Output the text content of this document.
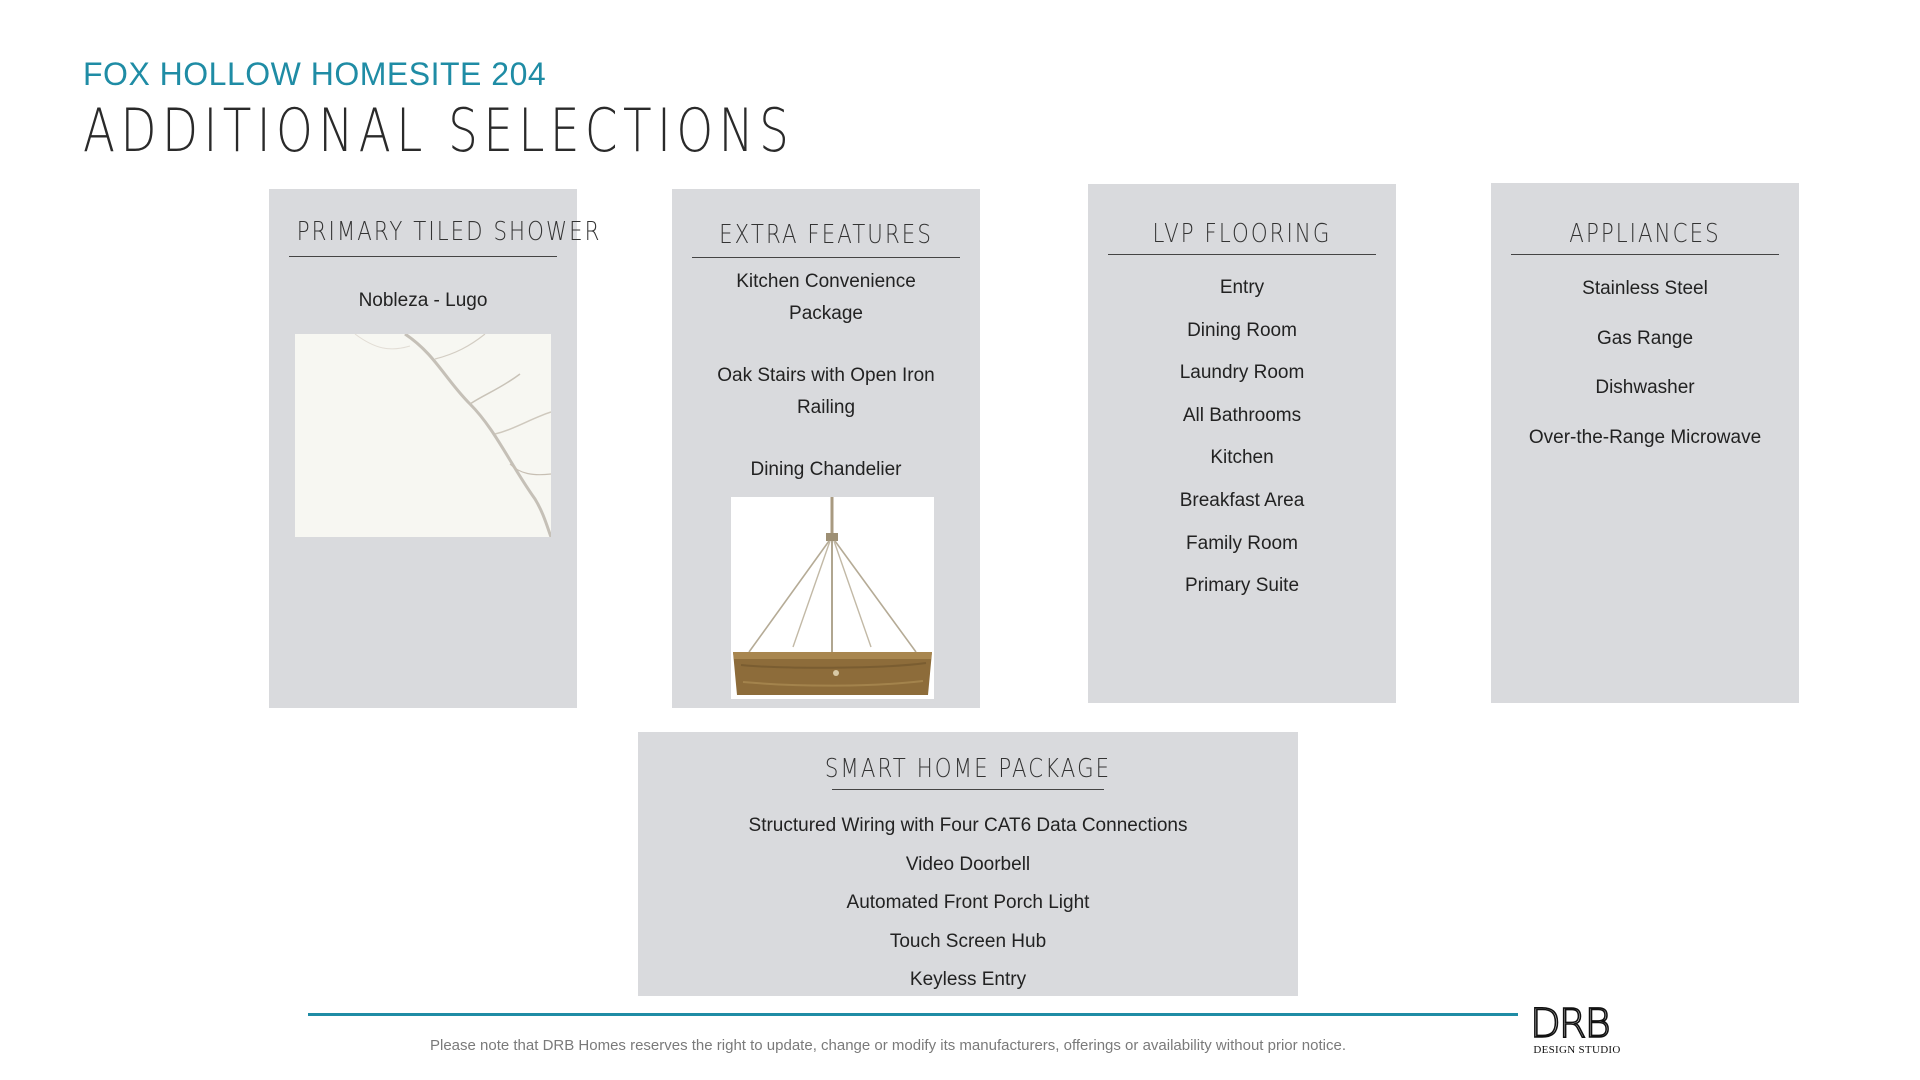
FOX HOLLOW HOMESITE 204
ADDITIONAL SELECTIONS
PRIMARY TILED SHOWER

Nobleza - Lugo

EXTRA FEATURES

Kitchen Convenience Package

Oak Stairs with Open Iron Railing

Dining Chandelier

LVP FLOORING

Entry

Dining Room

Laundry Room

All Bathrooms

Kitchen

Breakfast Area

Family Room

Primary Suite

APPLIANCES

Stainless Steel

Gas Range

Dishwasher

Over-the-Range Microwave

SMART HOME PACKAGE

Structured Wiring with Four CAT6 Data Connections

Video Doorbell

Automated Front Porch Light

Touch Screen Hub

Keyless Entry

Please note that DRB Homes reserves the right to update, change or modify its manufacturers, offerings or availability without prior notice.	DRB
DESIGN STUDIO
